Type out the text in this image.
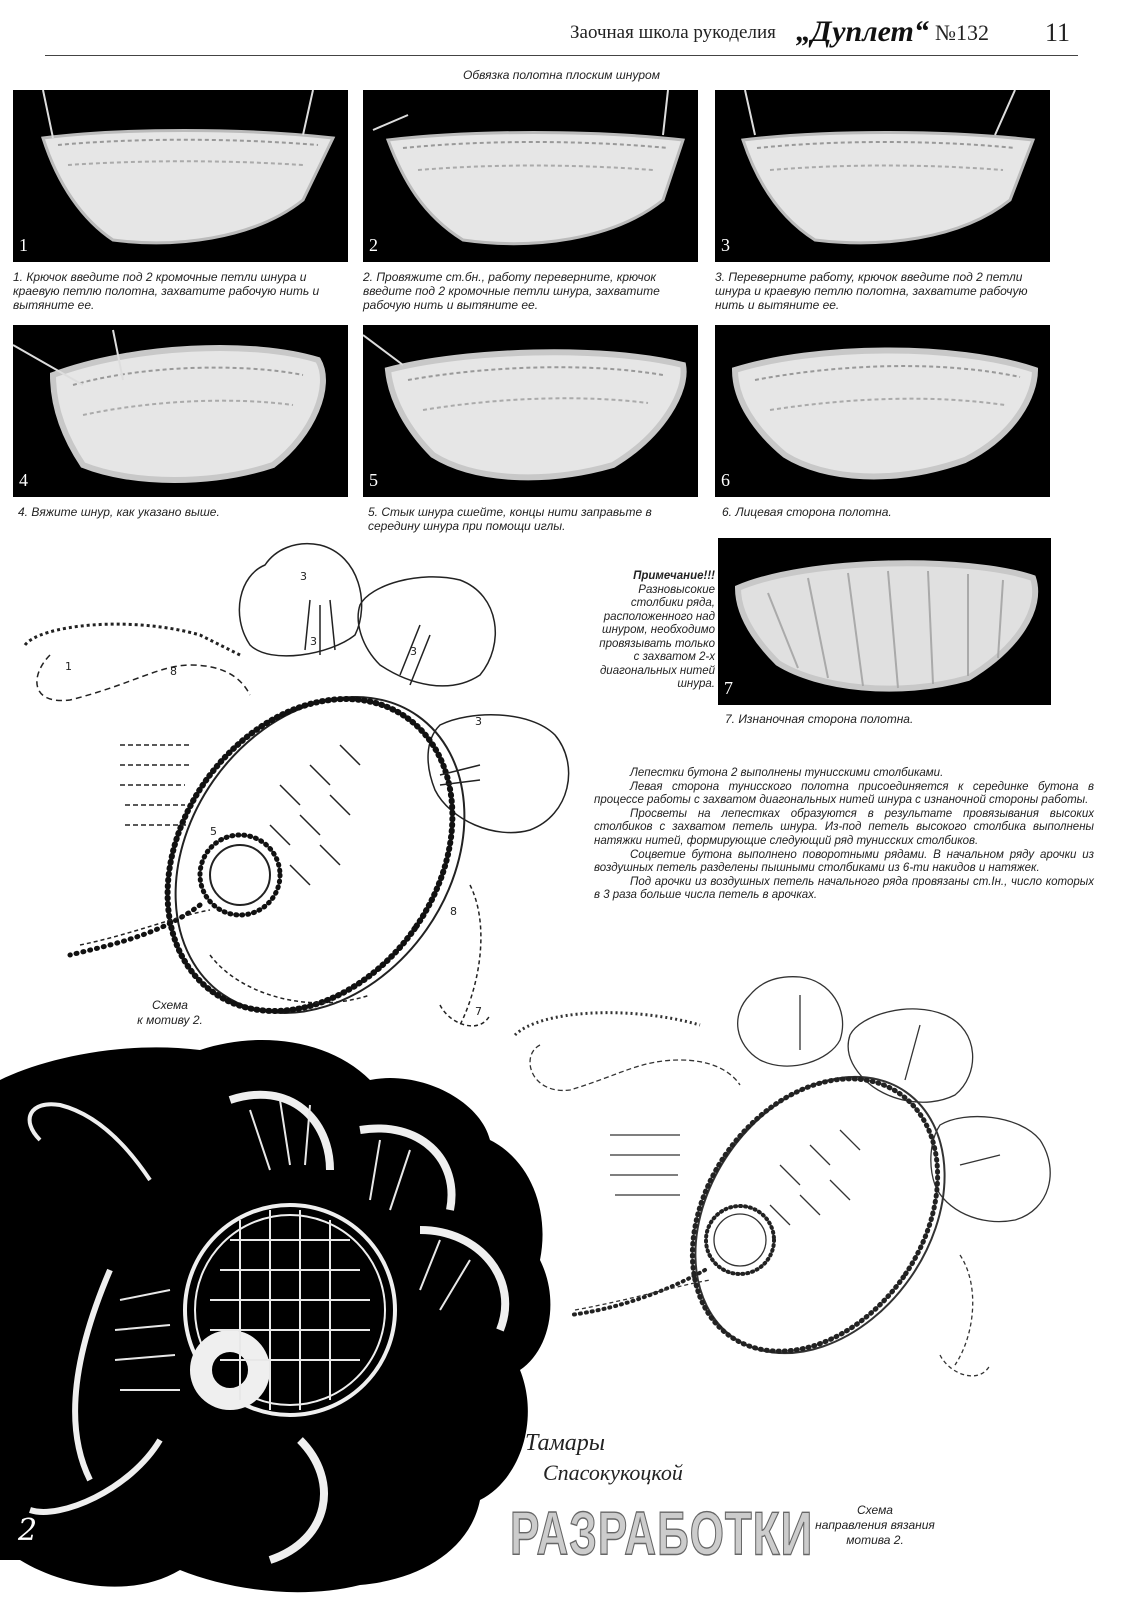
Заочная школа рукоделия „Дуплет“ №132 11
Обвязка полотна плоским шнуром
1	2	3
1. Крючок введите под 2 кромочные петли шнура и краевую петлю полотна, захватите рабочую нить и вытяните ее.
2. Провяжите ст.бн., работу переверните, крючок введите под 2 кромочные петли шнура, захватите рабочую нить и вытяните ее.
3. Переверните работу, крючок введите под 2 петли шнура и краевую петлю полотна, захватите рабочую нить и вытяните ее.
4	5	6
4. Вяжите шнур, как указано выше.	5. Стык шнура сшейте, концы нити заправьте в середину шнура при помощи иглы.
6. Лицевая сторона полотна.
7
7. Изнаночная сторона полотна.
Примечание!!!
Разновысокие столбики ряда, расположенного над шнуром, необходимо провязывать только с захватом 2-х диагональных нитей шнура.

Лепестки бутона 2 выполнены тунисскими столбиками.

Левая сторона тунисского полотна присоединяется к серединке бутона в процессе работы с захватом диагональных нитей шнура с изнаночной стороны работы.

Просветы на лепестках образуются в результате провязывания высоких столбиков с захватом петель шнура. Из-под петель высокого столбика выполнены натяжки нитей, формирующие следующий ряд тунисских столбиков.

Соцветие бутона выполнено поворотными рядами. В начальном ряду арочки из воздушных петель разделены пышными столбиками из 6-ти накидов и натяжек.

Под арочки из воздушных петель начального ряда провязаны ст.Iн., число которых в 3 раза больше числа петель в арочках.

8
3
3
3
3
8
7
5
1
Схема
к мотиву 2.
2
Схема
направления вязания
мотива 2.
Тамары
Спасокукоцкой
РАЗРАБОТКИ
